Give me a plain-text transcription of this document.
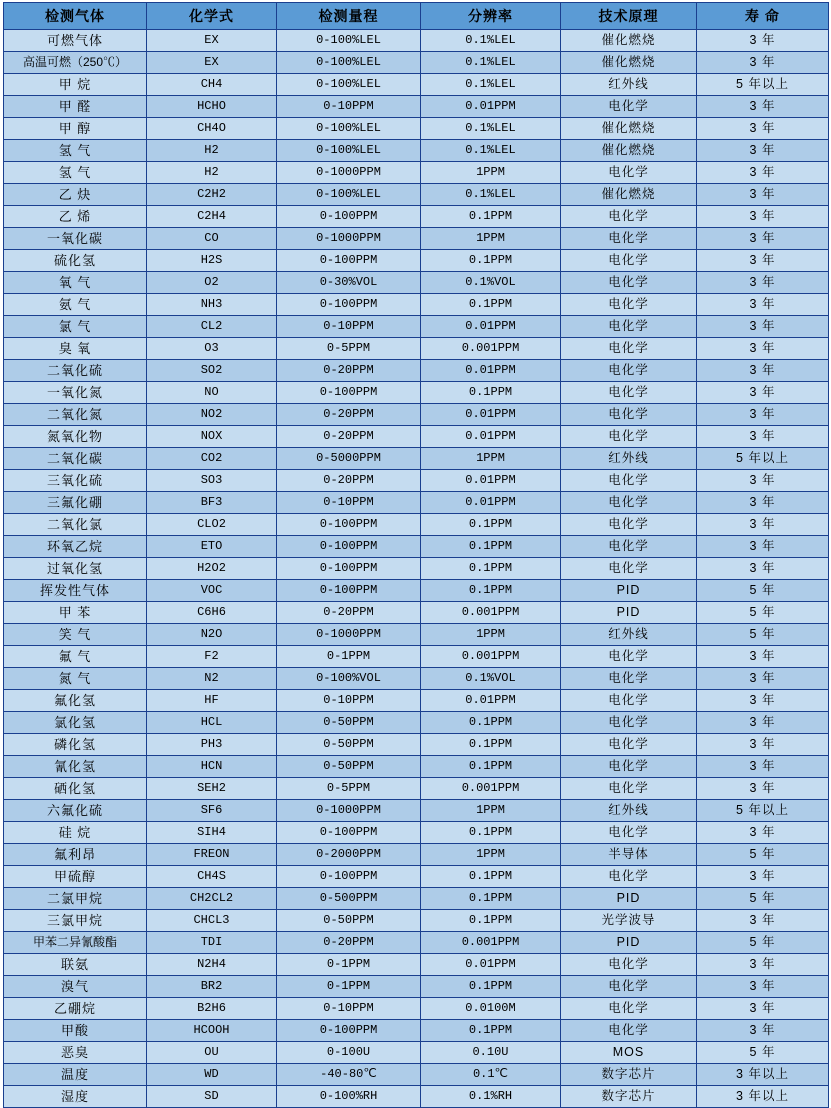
检测气体	化学式	检测量程	分辨率	技术原理	寿 命
可燃气体	EX	0-100%LEL	0.1%LEL	催化燃烧	3 年
高温可燃（250℃）	EX	0-100%LEL	0.1%LEL	催化燃烧	3 年
甲 烷	CH4	0-100%LEL	0.1%LEL	红外线	5 年以上
甲 醛	HCHO	0-10PPM	0.01PPM	电化学	3 年
甲 醇	CH4O	0-100%LEL	0.1%LEL	催化燃烧	3 年
氢 气	H2	0-100%LEL	0.1%LEL	催化燃烧	3 年
氢 气	H2	0-1000PPM	1PPM	电化学	3 年
乙 炔	C2H2	0-100%LEL	0.1%LEL	催化燃烧	3 年
乙 烯	C2H4	0-100PPM	0.1PPM	电化学	3 年
一氧化碳	CO	0-1000PPM	1PPM	电化学	3 年
硫化氢	H2S	0-100PPM	0.1PPM	电化学	3 年
氧 气	O2	0-30%VOL	0.1%VOL	电化学	3 年
氨 气	NH3	0-100PPM	0.1PPM	电化学	3 年
氯 气	CL2	0-10PPM	0.01PPM	电化学	3 年
臭 氧	O3	0-5PPM	0.001PPM	电化学	3 年
二氧化硫	SO2	0-20PPM	0.01PPM	电化学	3 年
一氧化氮	NO	0-100PPM	0.1PPM	电化学	3 年
二氧化氮	NO2	0-20PPM	0.01PPM	电化学	3 年
氮氧化物	NOX	0-20PPM	0.01PPM	电化学	3 年
二氧化碳	CO2	0-5000PPM	1PPM	红外线	5 年以上
三氧化硫	SO3	0-20PPM	0.01PPM	电化学	3 年
三氟化硼	BF3	0-10PPM	0.01PPM	电化学	3 年
二氧化氯	CLO2	0-100PPM	0.1PPM	电化学	3 年
环氧乙烷	ETO	0-100PPM	0.1PPM	电化学	3 年
过氧化氢	H2O2	0-100PPM	0.1PPM	电化学	3 年
挥发性气体	VOC	0-100PPM	0.1PPM	PID	5 年
甲 苯	C6H6	0-20PPM	0.001PPM	PID	5 年
笑 气	N2O	0-1000PPM	1PPM	红外线	5 年
氟 气	F2	0-1PPM	0.001PPM	电化学	3 年
氮 气	N2	0-100%VOL	0.1%VOL	电化学	3 年
氟化氢	HF	0-10PPM	0.01PPM	电化学	3 年
氯化氢	HCL	0-50PPM	0.1PPM	电化学	3 年
磷化氢	PH3	0-50PPM	0.1PPM	电化学	3 年
氰化氢	HCN	0-50PPM	0.1PPM	电化学	3 年
硒化氢	SEH2	0-5PPM	0.001PPM	电化学	3 年
六氟化硫	SF6	0-1000PPM	1PPM	红外线	5 年以上
硅 烷	SIH4	0-100PPM	0.1PPM	电化学	3 年
氟利昂	FREON	0-2000PPM	1PPM	半导体	5 年
甲硫醇	CH4S	0-100PPM	0.1PPM	电化学	3 年
二氯甲烷	CH2CL2	0-500PPM	0.1PPM	PID	5 年
三氯甲烷	CHCL3	0-50PPM	0.1PPM	光学波导	3 年
甲苯二异氰酸酯	TDI	0-20PPM	0.001PPM	PID	5 年
联氨	N2H4	0-1PPM	0.01PPM	电化学	3 年
溴气	BR2	0-1PPM	0.1PPM	电化学	3 年
乙硼烷	B2H6	0-10PPM	0.0100M	电化学	3 年
甲酸	HCOOH	0-100PPM	0.1PPM	电化学	3 年
恶臭	OU	0-100U	0.10U	MOS	5 年
温度	WD	-40-80℃	0.1℃	数字芯片	3 年以上
湿度	SD	0-100%RH	0.1%RH	数字芯片	3 年以上
